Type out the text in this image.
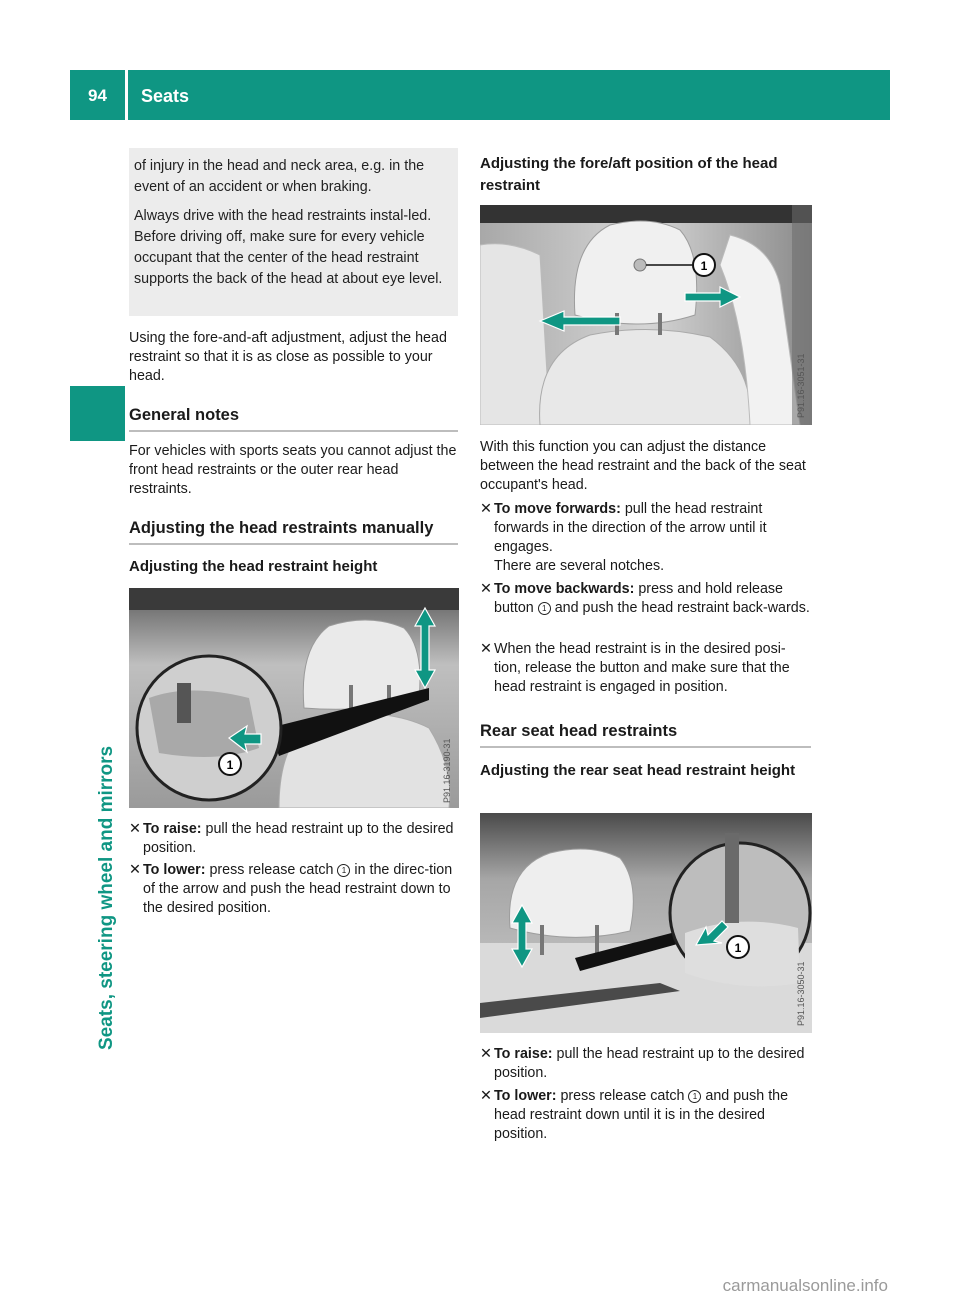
94	Seats
Seats, steering wheel and mirrors
of injury in the head and neck area, e.g. in the event of an accident or when braking.
Always drive with the head restraints instal-led. Before driving off, make sure for every vehicle occupant that the center of the head restraint supports the back of the head at about eye level.
Using the fore-and-aft adjustment, adjust the head restraint so that it is as close as possible to your head.
General notes
For vehicles with sports seats you cannot adjust the front head restraints or the outer rear head restraints.
Adjusting the head restraints manually
Adjusting the head restraint height
1	P91.16-3190-31
✕ To raise: pull the head restraint up to the desired position.
✕ To lower: press release catch 1 in the direc-tion of the arrow and push the head restraint down to the desired position.
Adjusting the fore/aft position of the head restraint
1
P91.16-3051-31
With this function you can adjust the distance between the head restraint and the back of the seat occupant's head.
✕ To move forwards: pull the head restraint forwards in the direction of the arrow until it engages.
There are several notches.
✕ To move backwards: press and hold release button 1 and push the head restraint back-wards.
✕ When the head restraint is in the desired posi-tion, release the button and make sure that the head restraint is engaged in position.
Rear seat head restraints
Adjusting the rear seat head restraint height
1
P91.16-3050-31
✕ To raise: pull the head restraint up to the desired position.
✕ To lower: press release catch 1 and push the head restraint down until it is in the desired position.
carmanualsonline.info
